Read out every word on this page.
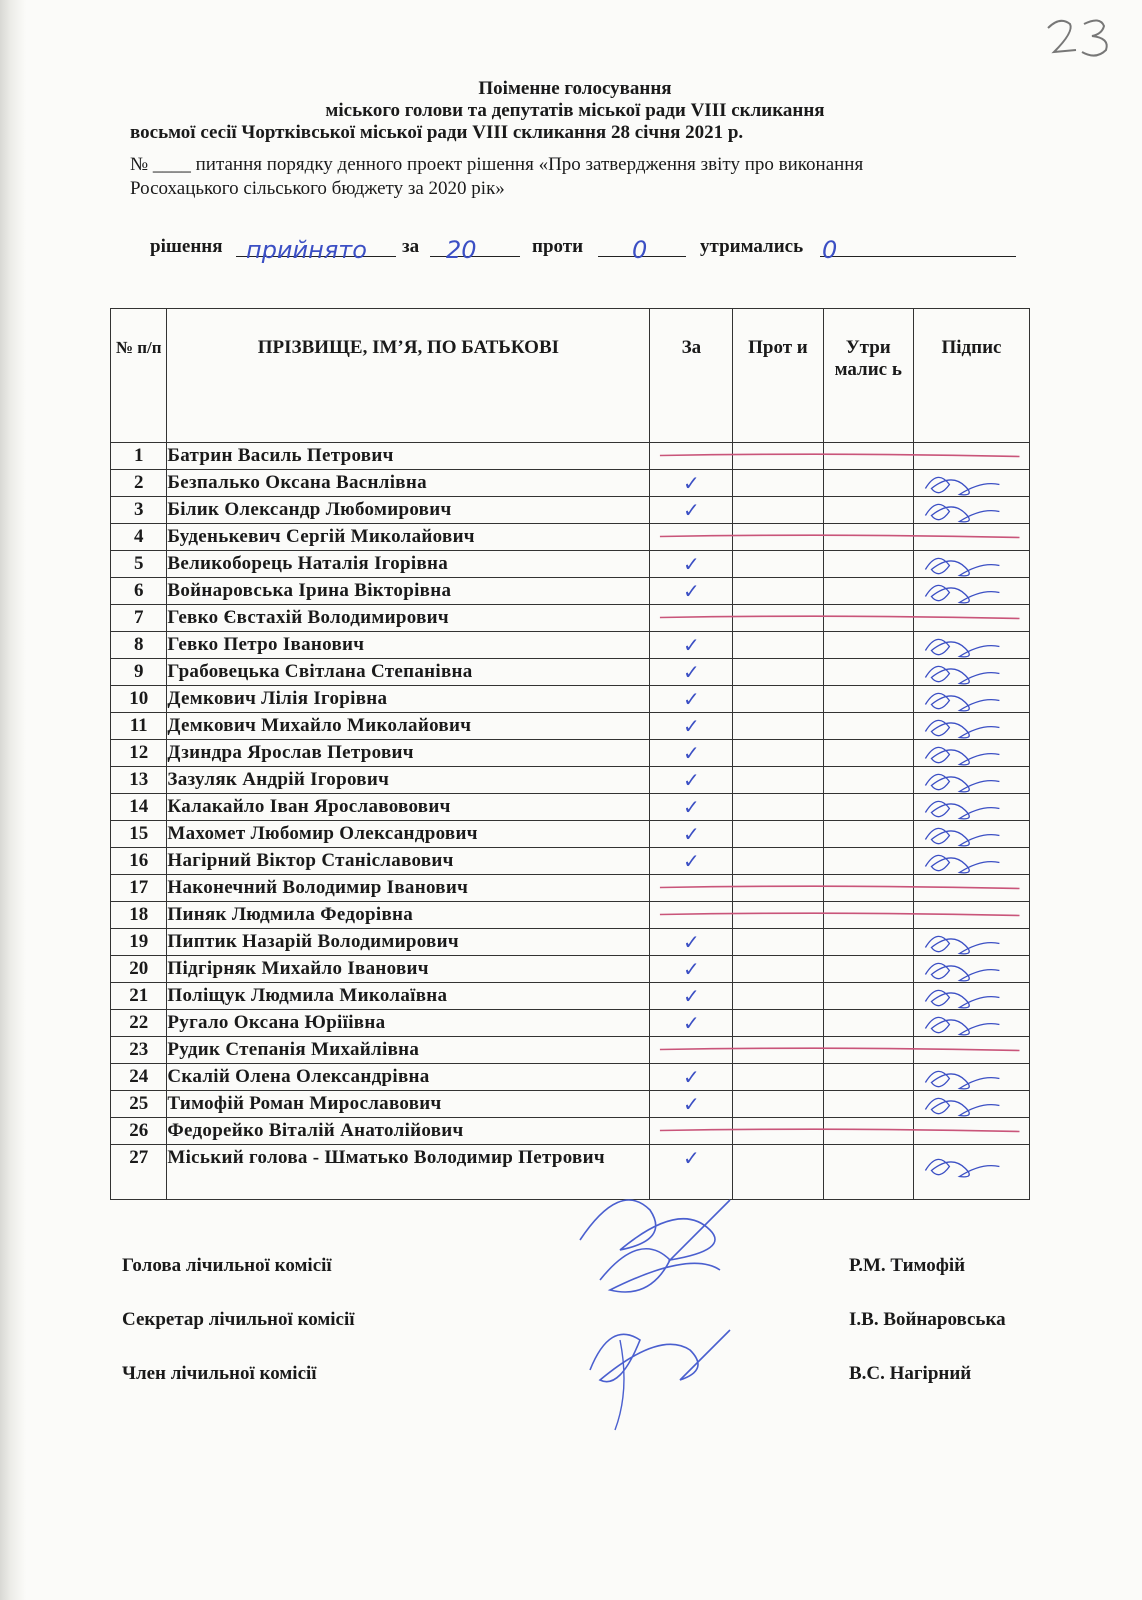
Поіменне голосування
міського голови та депутатів міської ради VIII скликання
восьмої сесії Чортківської міської ради VIII скликання 28 січня 2021 р.
№ ____ питання порядку денного проект рішення «Про затвердження звіту про виконання
Росохацького сільського бюджету за 2020 рік»
рішення прийнято за 20	проти 0	утримались 0
№ п/п	ПРІЗВИЩЕ, ІМ’Я, ПО БАТЬКОВІ	За	Прот и	Утри малис ь	Підпис
1	Батрин Василь Петрович				
2	Безпалько Оксана Васнлівна	✓			
3	Білик Олександр Любомирович	✓			
4	Буденькевич Сергій Миколайович				
5	Великоборець Наталія Ігорівна	✓			
6	Войнаровська Ірина Вікторівна	✓			
7	Гевко Євстахій Володимирович				
8	Гевко Петро Іванович	✓			
9	Грабовецька Світлана Степанівна	✓			
10	Демкович Лілія Ігорівна	✓			
11	Демкович Михайло Миколайович	✓			
12	Дзиндра Ярослав Петрович	✓			
13	Зазуляк Андрій Ігорович	✓			
14	Калакайло Іван Ярославовович	✓			
15	Махомет Любомир Олександрович	✓			
16	Нагірний Віктор Станіславович	✓			
17	Наконечний Володимир Іванович				
18	Пиняк Людмила Федорівна				
19	Пиптик Назарій Володимирович	✓			
20	Підгірняк Михайло Іванович	✓			
21	Поліщук Людмила Миколаївна	✓			
22	Ругало Оксана Юріїівна	✓			
23	Рудик Степанія Михайлівна				
24	Скалій Олена Олександрівна	✓			
25	Тимофій Роман Мирославович	✓			
26	Федорейко Віталій Анатолійович				
27	Міський голова - Шматько Володимир Петрович	✓			
Голова лічильної комісії	Р.М. Тимофій
Секретар лічильної комісії	І.В. Войнаровська
Член лічильної комісії	В.С. Нагірний
